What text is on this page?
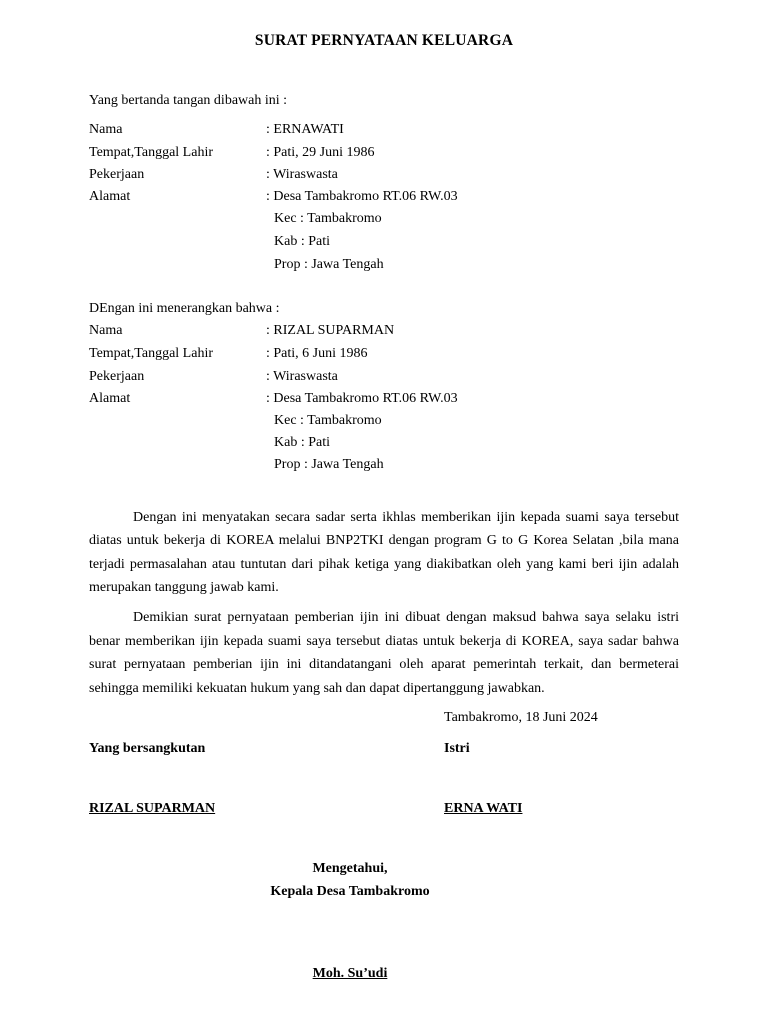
SURAT PERNYATAAN KELUARGA
Yang bertanda tangan dibawah ini :
Nama	: ERNAWATI
Tempat,Tanggal Lahir	: Pati, 29 Juni 1986
Pekerjaan	: Wiraswasta
Alamat	: Desa Tambakromo RT.06 RW.03
Kec : Tambakromo
Kab : Pati
Prop : Jawa Tengah
DEngan ini menerangkan bahwa :
Nama	: RIZAL SUPARMAN
Tempat,Tanggal Lahir	: Pati, 6 Juni 1986
Pekerjaan	: Wiraswasta
Alamat	: Desa Tambakromo RT.06 RW.03
Kec : Tambakromo
Kab : Pati
Prop : Jawa Tengah
Dengan ini menyatakan secara sadar serta ikhlas memberikan ijin kepada suami saya tersebut diatas untuk bekerja di KOREA melalui BNP2TKI dengan program G to G Korea Selatan ,bila mana terjadi permasalahan atau tuntutan dari pihak ketiga yang diakibatkan oleh yang kami beri ijin adalah merupakan tanggung jawab kami.
Demikian surat pernyataan pemberian ijin ini dibuat dengan maksud bahwa saya selaku istri benar memberikan ijin kepada suami saya tersebut diatas untuk bekerja di KOREA, saya sadar bahwa surat pernyataan pemberian ijin ini ditandatangani oleh aparat pemerintah terkait, dan bermeterai sehingga memiliki kekuatan hukum yang sah dan dapat dipertanggung jawabkan.
Tambakromo, 18 Juni 2024
Yang bersangkutan	Istri
RIZAL SUPARMAN	ERNA WATI
Mengetahui,
Kepala Desa Tambakromo
Moh. Su’udi
